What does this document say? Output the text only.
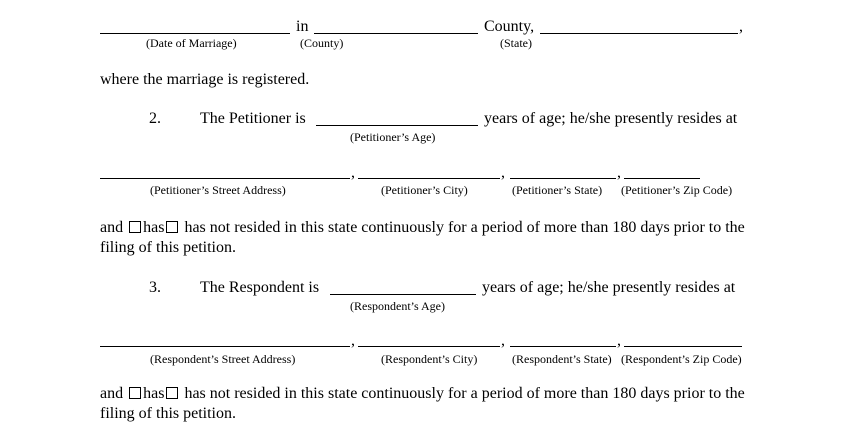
in	County,	,
(Date of Marriage)	(County)	(State)
where the marriage is registered.
2. The Petitioner is	years of age; he/she presently resides at
(Petitioner’s Age)
,	,	,
(Petitioner’s Street Address)	(Petitioner’s City)	(Petitioner’s State) (Petitioner’s Zip Code)
and has has not resided in this state continuously for a period of more than 180 days prior to the
filing of this petition.
3. The Respondent is	years of age; he/she presently resides at
(Respondent’s Age)
,	,	,
(Respondent’s Street Address)	(Respondent’s City)	(Respondent’s State) (Respondent’s Zip Code)
and has has not resided in this state continuously for a period of more than 180 days prior to the
filing of this petition.
